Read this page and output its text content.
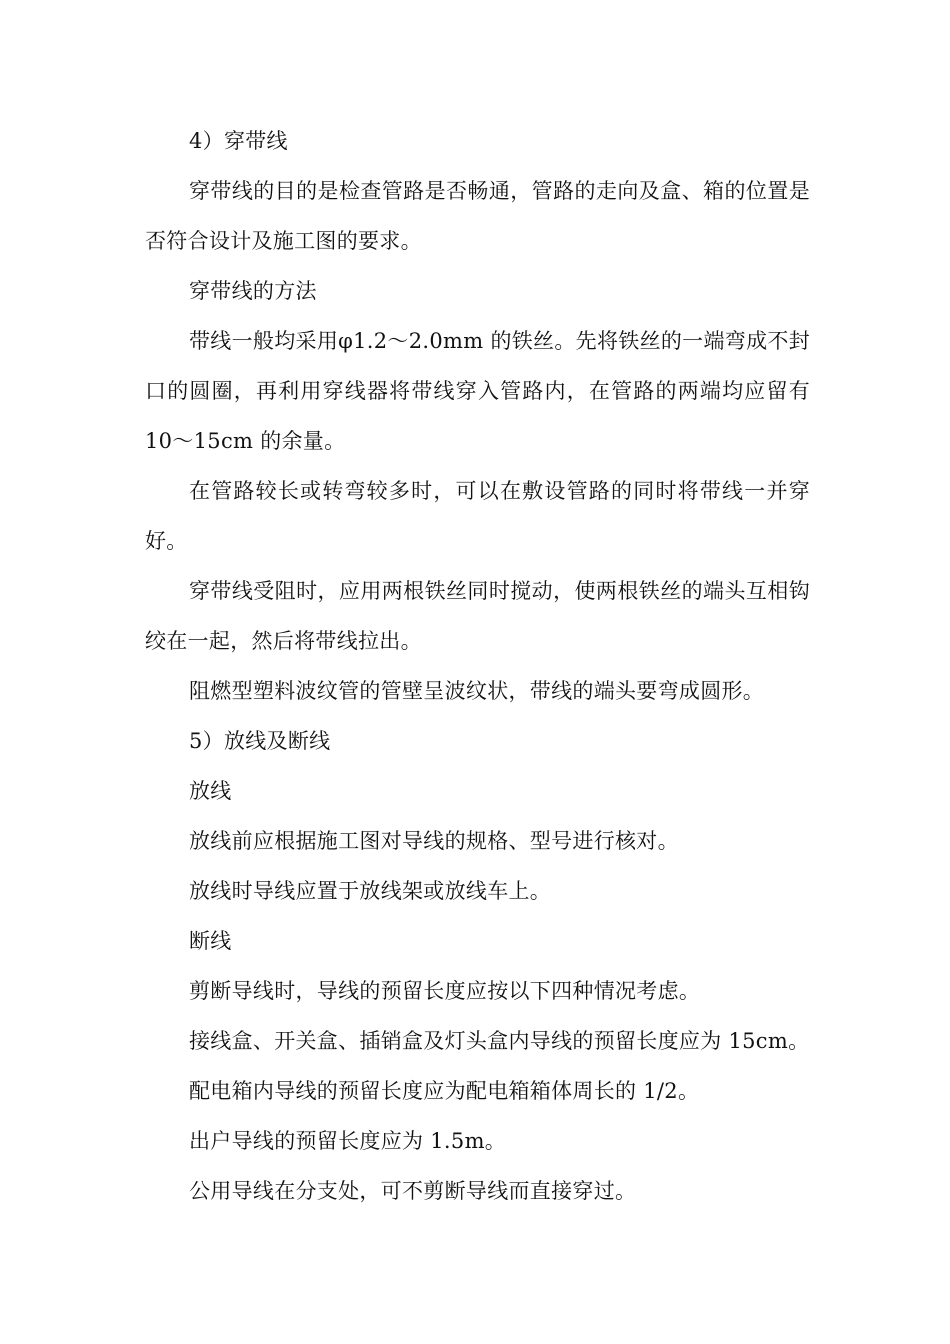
4）穿带线

穿带线的目的是检查管路是否畅通，管路的走向及盒、箱的位置是否符合设计及施工图的要求。

穿带线的方法

带线一般均采用φ1.2～2.0mm 的铁丝。先将铁丝的一端弯成不封口的圆圈，再利用穿线器将带线穿入管路内，在管路的两端均应留有 10～15cm 的余量。

在管路较长或转弯较多时，可以在敷设管路的同时将带线一并穿好。

穿带线受阻时，应用两根铁丝同时搅动，使两根铁丝的端头互相钩绞在一起，然后将带线拉出。

阻燃型塑料波纹管的管壁呈波纹状，带线的端头要弯成圆形。

5）放线及断线

放线

放线前应根据施工图对导线的规格、型号进行核对。

放线时导线应置于放线架或放线车上。

断线

剪断导线时，导线的预留长度应按以下四种情况考虑。

接线盒、开关盒、插销盒及灯头盒内导线的预留长度应为 15cm。

配电箱内导线的预留长度应为配电箱箱体周长的 1/2。

出户导线的预留长度应为 1.5m。

公用导线在分支处，可不剪断导线而直接穿过。
